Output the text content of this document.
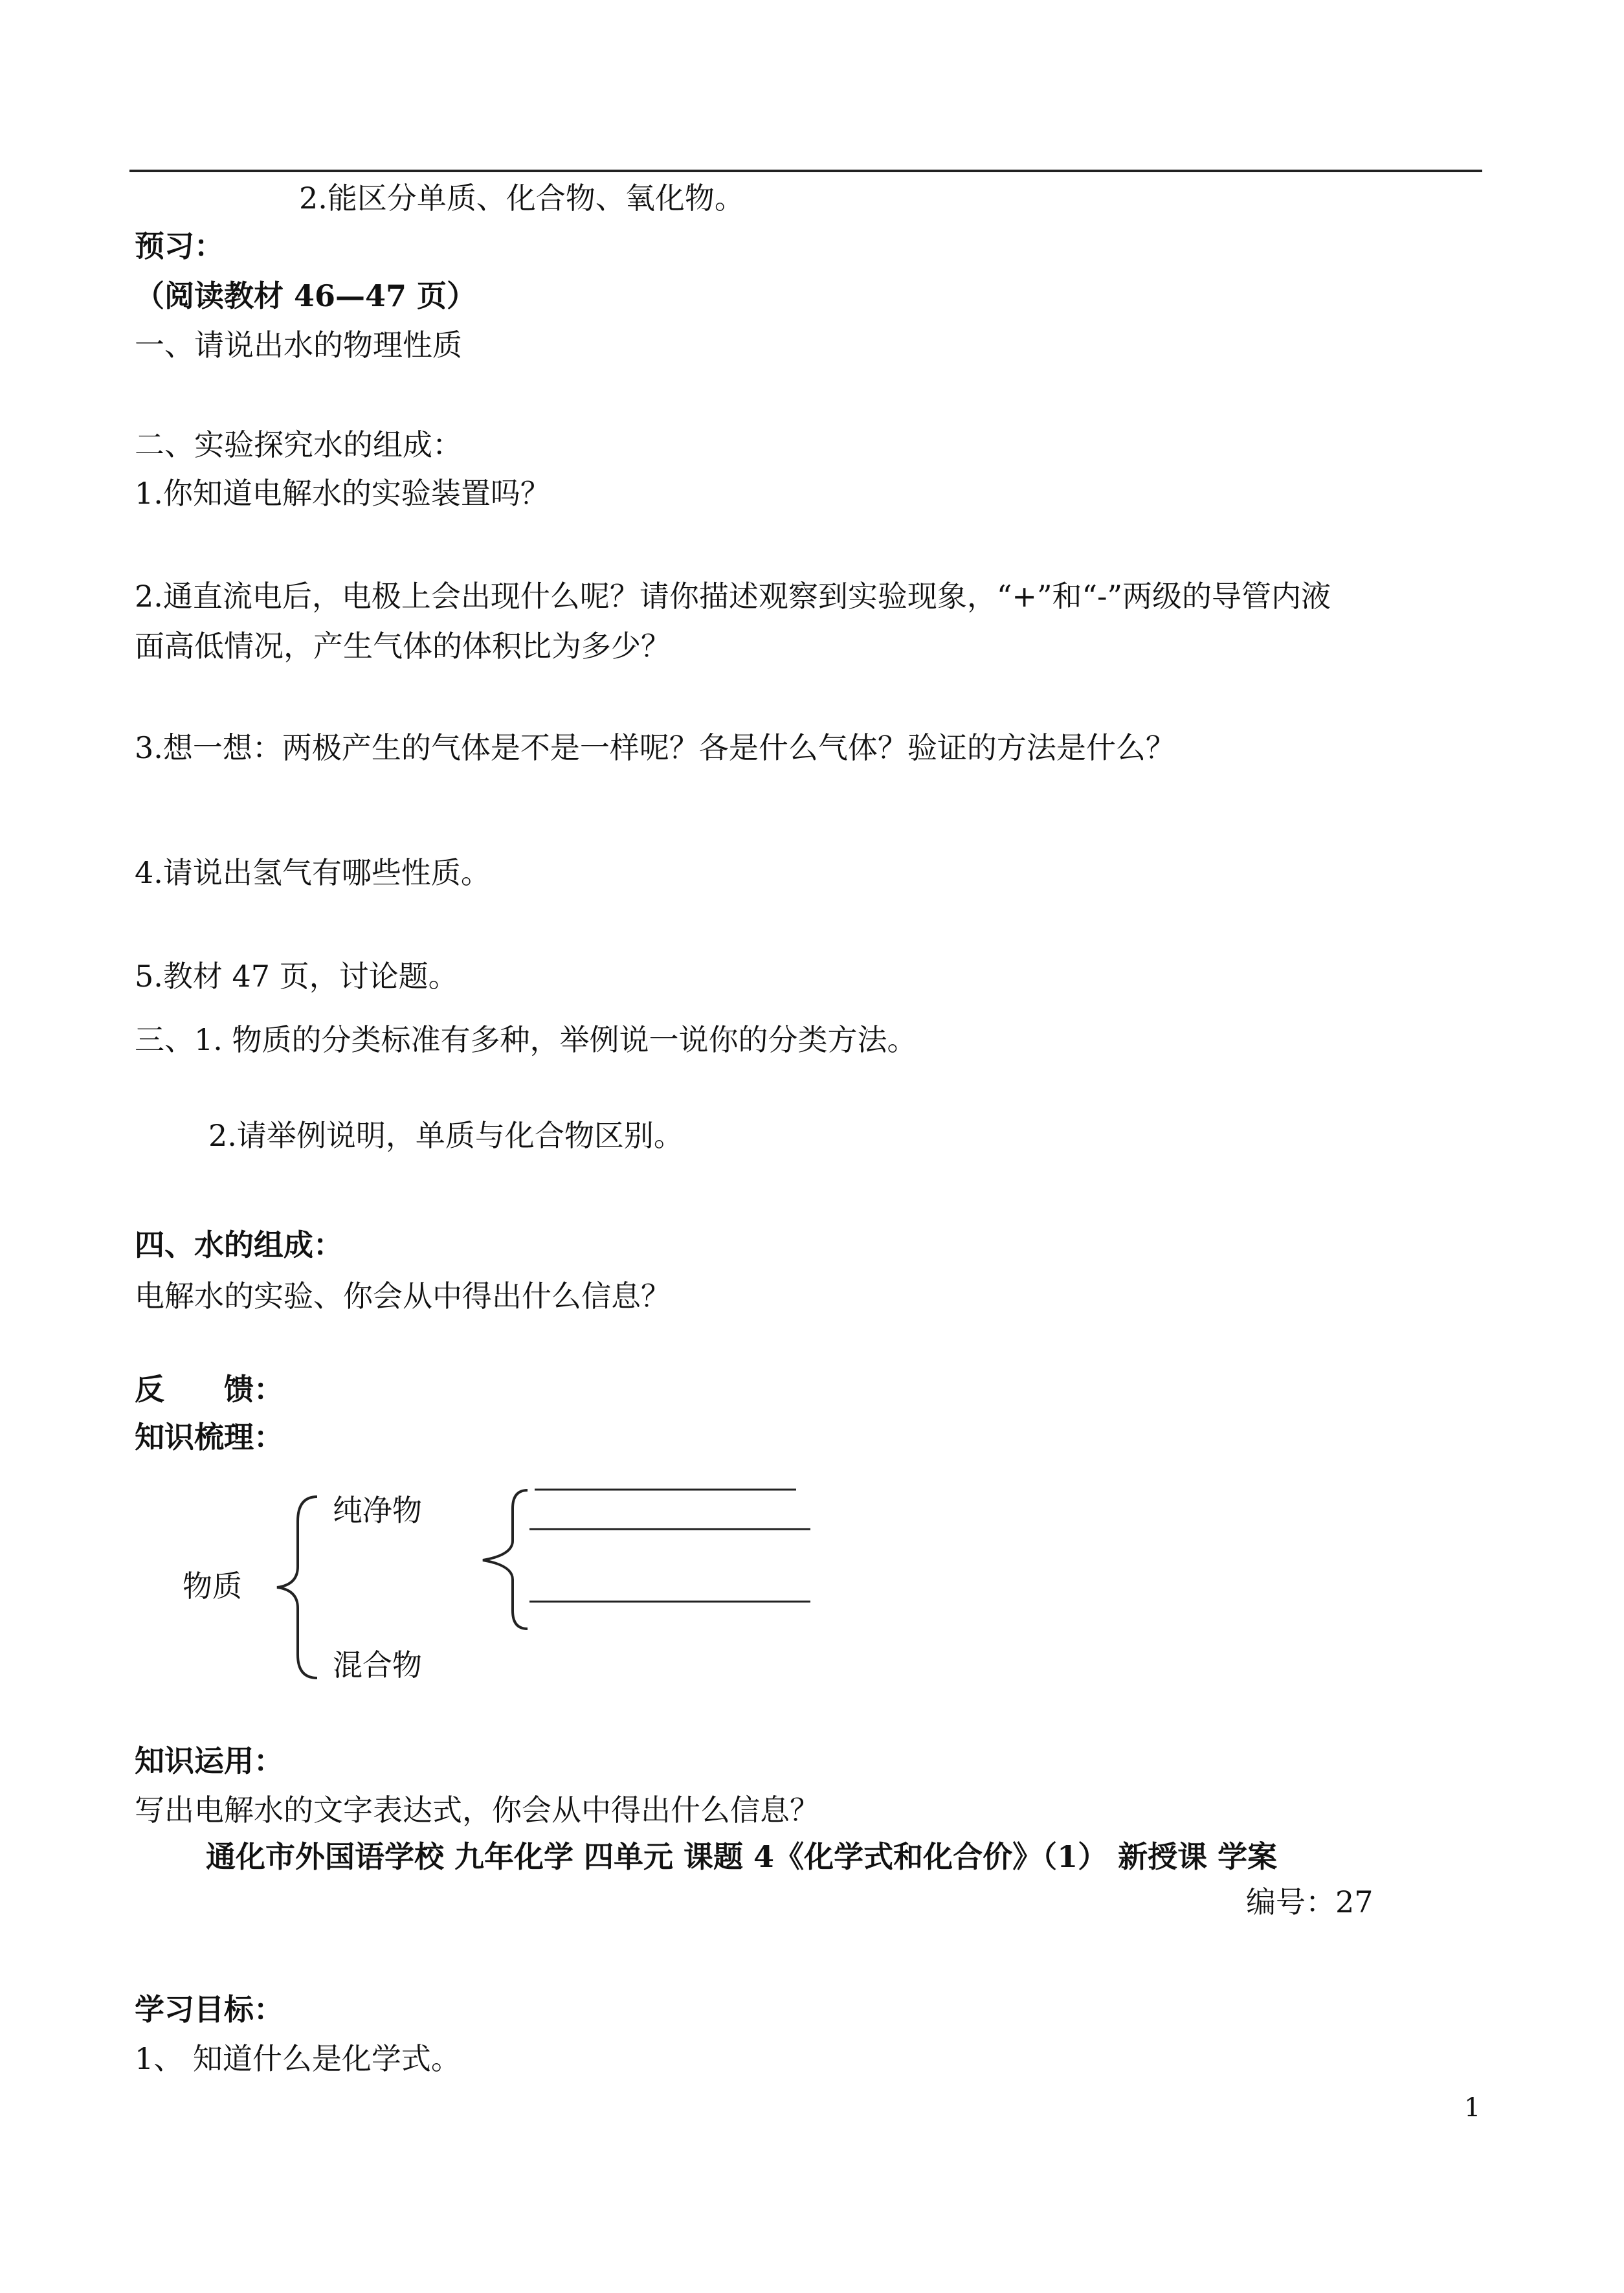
2.能区分单质、化合物、氧化物。
预习：
（阅读教材 46—47 页）
一、请说出水的物理性质
二、实验探究水的组成：
1.你知道电解水的实验装置吗？
2.通直流电后，电极上会出现什么呢？请你描述观察到实验现象，“+”和“-”两级的导管内液
面高低情况，产生气体的体积比为多少？
3.想一想：两极产生的气体是不是一样呢？各是什么气体？验证的方法是什么？
4.请说出氢气有哪些性质。
5.教材 47 页，讨论题。
三、1. 物质的分类标准有多种，举例说一说你的分类方法。
2.请举例说明，单质与化合物区别。
四、水的组成：
电解水的实验、你会从中得出什么信息？
反　　馈：
知识梳理：
纯净物
物质
混合物
知识运用：
写出电解水的文字表达式，你会从中得出什么信息？
通化市外国语学校 九年化学 四单元 课题 4《化学式和化合价》（1） 新授课 学案
编号：27
学习目标：
1、 知道什么是化学式。
1
